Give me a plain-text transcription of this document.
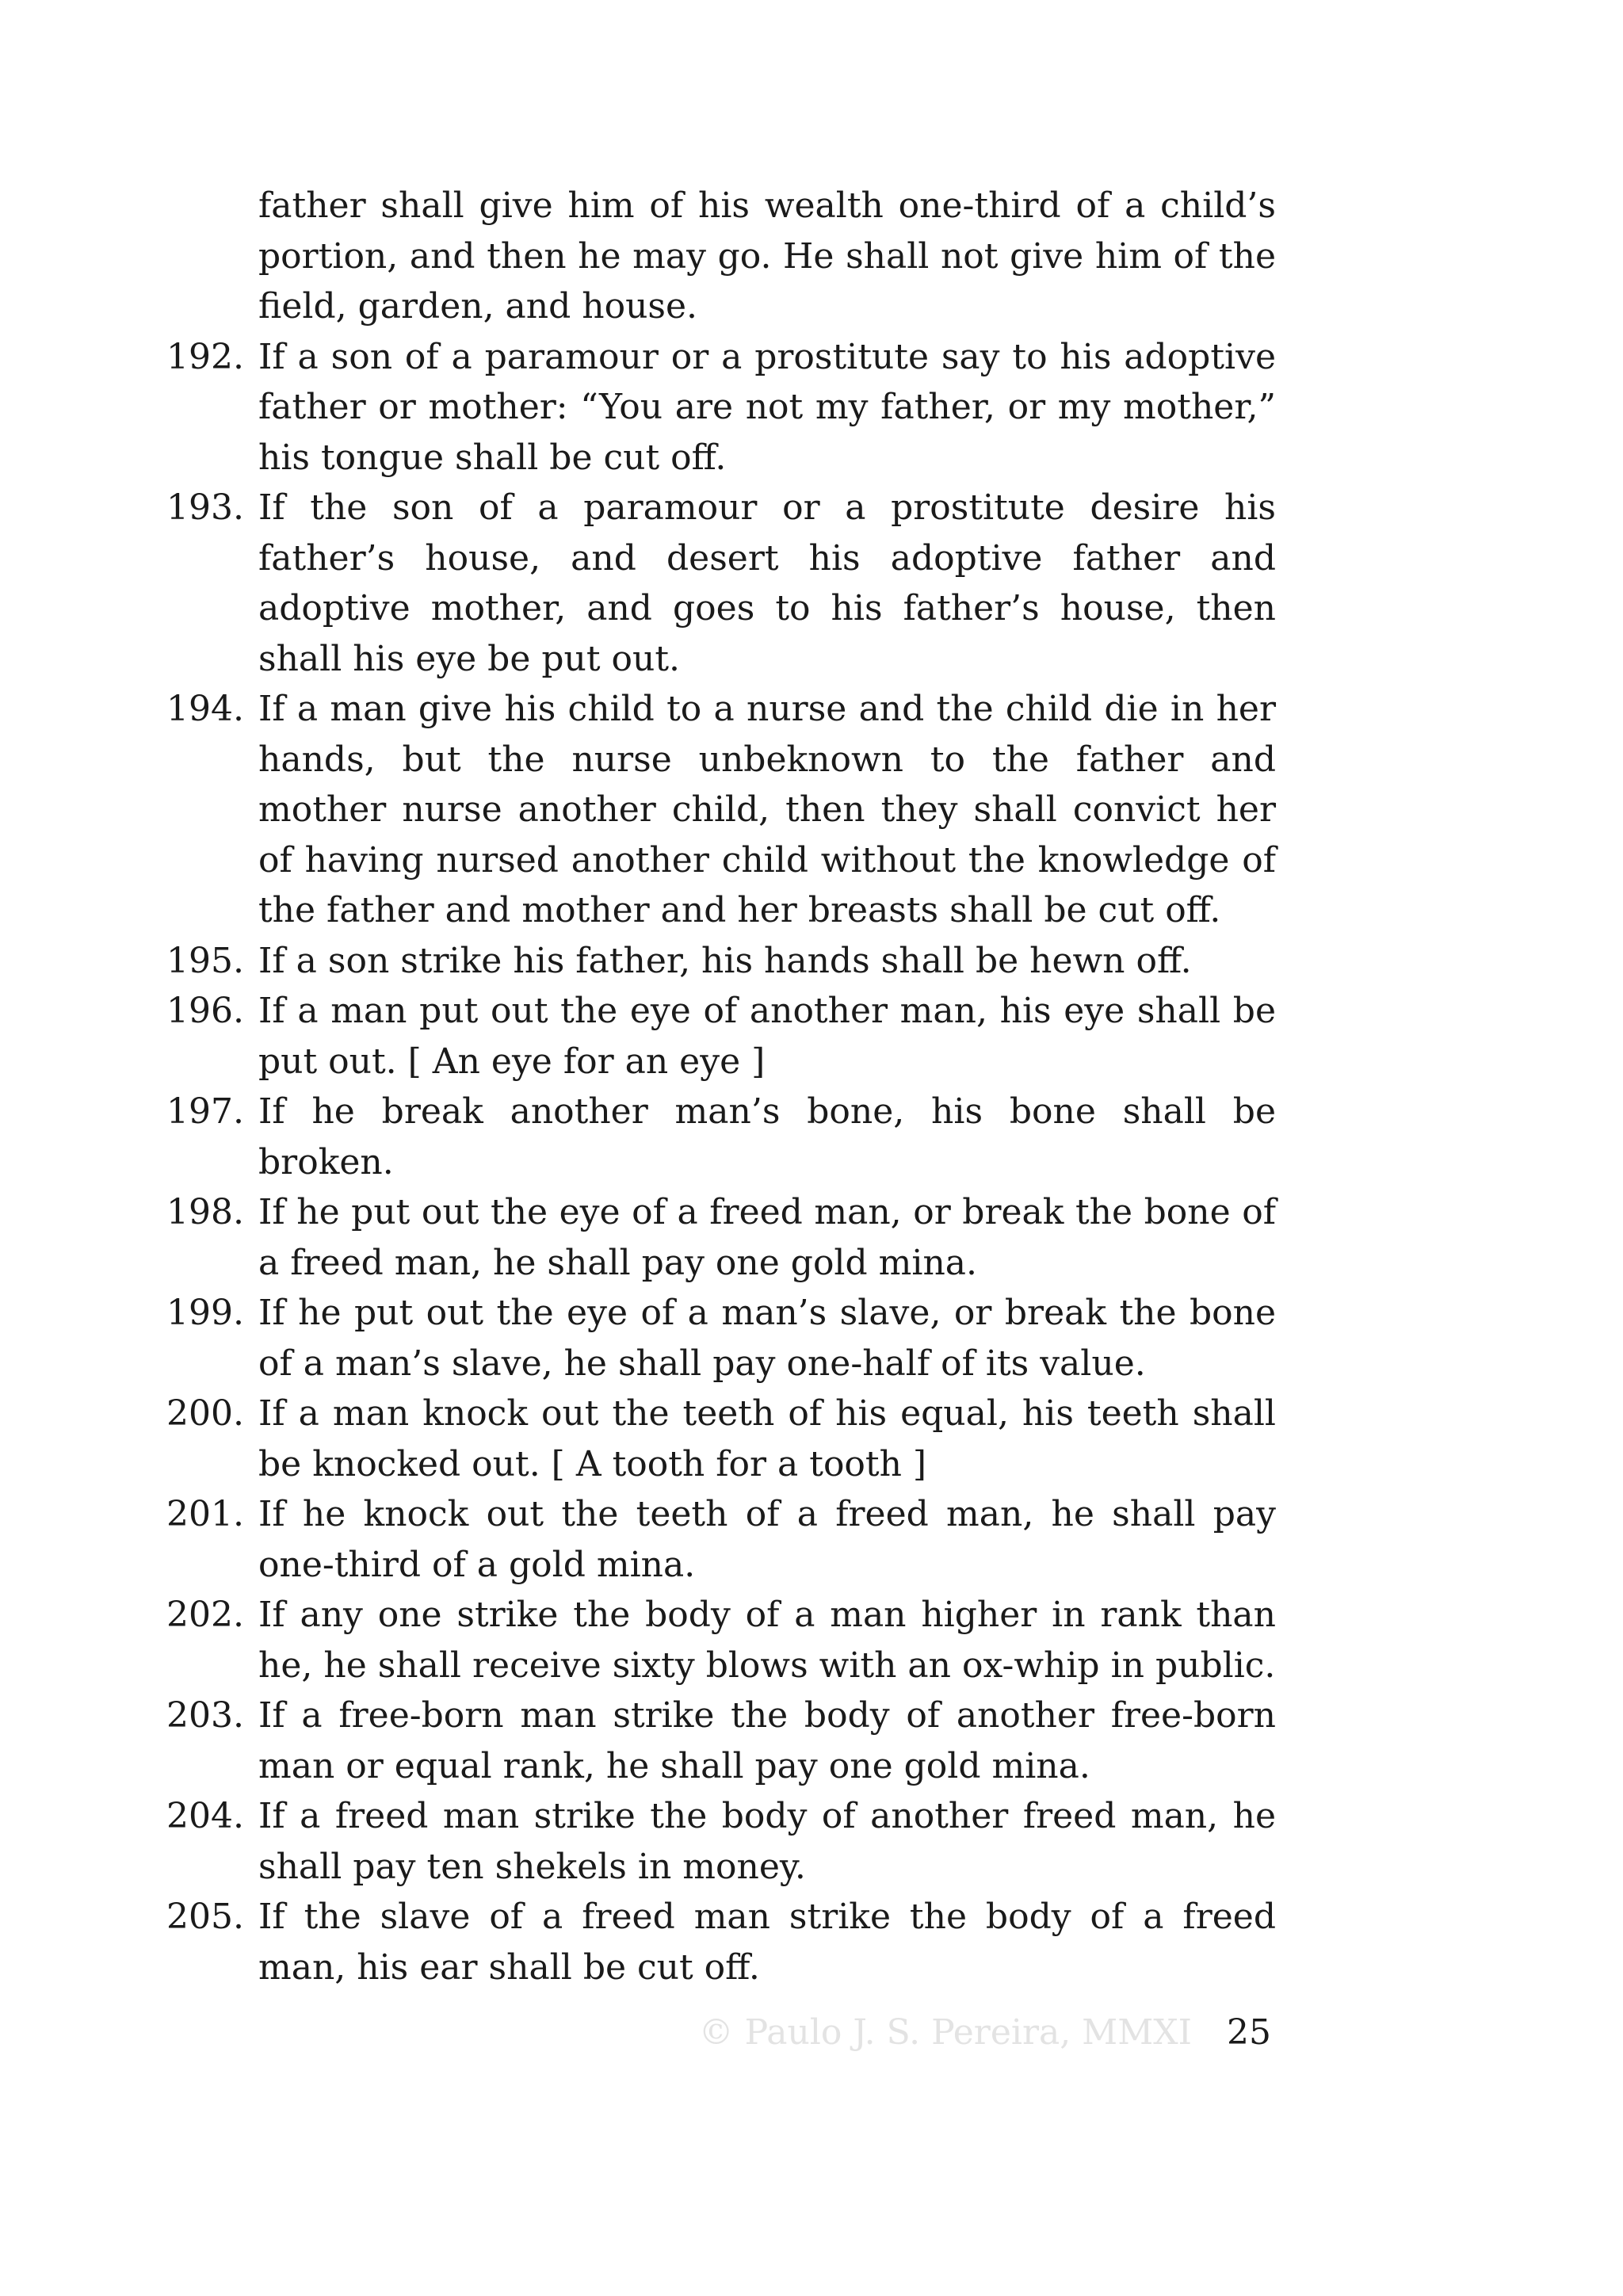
father shall give him of his wealth one-third of a child’s portion, and then he may go. He shall not give him of the field, garden, and house.
192. If a son of a paramour or a prostitute say to his adoptive father or mother: “You are not my father, or my mother,” his tongue shall be cut off.
193. If the son of a paramour or a prostitute desire his father’s house, and desert his adoptive father and adoptive mother, and goes to his father’s house, then shall his eye be put out.
194. If a man give his child to a nurse and the child die in her hands, but the nurse unbeknown to the father and mother nurse another child, then they shall convict her of having nursed another child without the knowledge of the father and mother and her breasts shall be cut off.
195. If a son strike his father, his hands shall be hewn off.
196. If a man put out the eye of another man, his eye shall be put out. [ An eye for an eye ]
197. If he break another man’s bone, his bone shall be broken.
198. If he put out the eye of a freed man, or break the bone of a freed man, he shall pay one gold mina.
199. If he put out the eye of a man’s slave, or break the bone of a man’s slave, he shall pay one-half of its value.
200. If a man knock out the teeth of his equal, his teeth shall be knocked out. [ A tooth for a tooth ]
201. If he knock out the teeth of a freed man, he shall pay one-third of a gold mina.
202. If any one strike the body of a man higher in rank than he, he shall receive sixty blows with an ox-whip in public.
203. If a free-born man strike the body of another free-born man or equal rank, he shall pay one gold mina.
204. If a freed man strike the body of another freed man, he shall pay ten shekels in money.
205. If the slave of a freed man strike the body of a freed man, his ear shall be cut off.
© Paulo J. S. Pereira, MMXI 25
